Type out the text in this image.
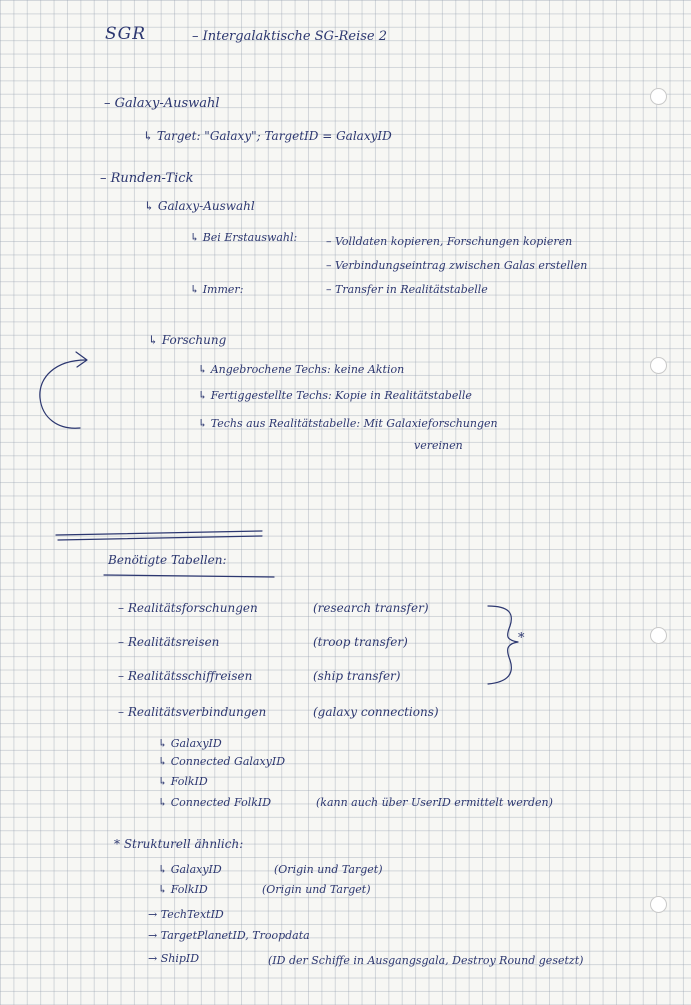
SGR	– Intergalaktische SG-Reise 2
– Galaxy-Auswahl
↳ Target: "Galaxy"; TargetID = GalaxyID
– Runden-Tick
↳ Galaxy-Auswahl
↳ Bei Erstauswahl:	– Volldaten kopieren, Forschungen kopieren
– Verbindungseintrag zwischen Galas erstellen
↳ Immer:	– Transfer in Realitätstabelle
↳ Forschung
↳ Angebrochene Techs: keine Aktion
↳ Fertiggestellte Techs: Kopie in Realitätstabelle
↳ Techs aus Realitätstabelle: Mit Galaxieforschungen
vereinen
Benötigte Tabellen:
– Realitätsforschungen	(research transfer)
– Realitätsreisen	(troop transfer)
– Realitätsschiffreisen	(ship transfer)
*
– Realitätsverbindungen	(galaxy connections)
↳ GalaxyID
↳ Connected GalaxyID
↳ FolkID
↳ Connected FolkID	(kann auch über UserID ermittelt werden)
* Strukturell ähnlich:
↳ GalaxyID	(Origin und Target)
↳ FolkID	(Origin und Target)
→ TechTextID
→ TargetPlanetID, Troopdata
→ ShipID	(ID der Schiffe in Ausgangsgala, Destroy Round gesetzt)
